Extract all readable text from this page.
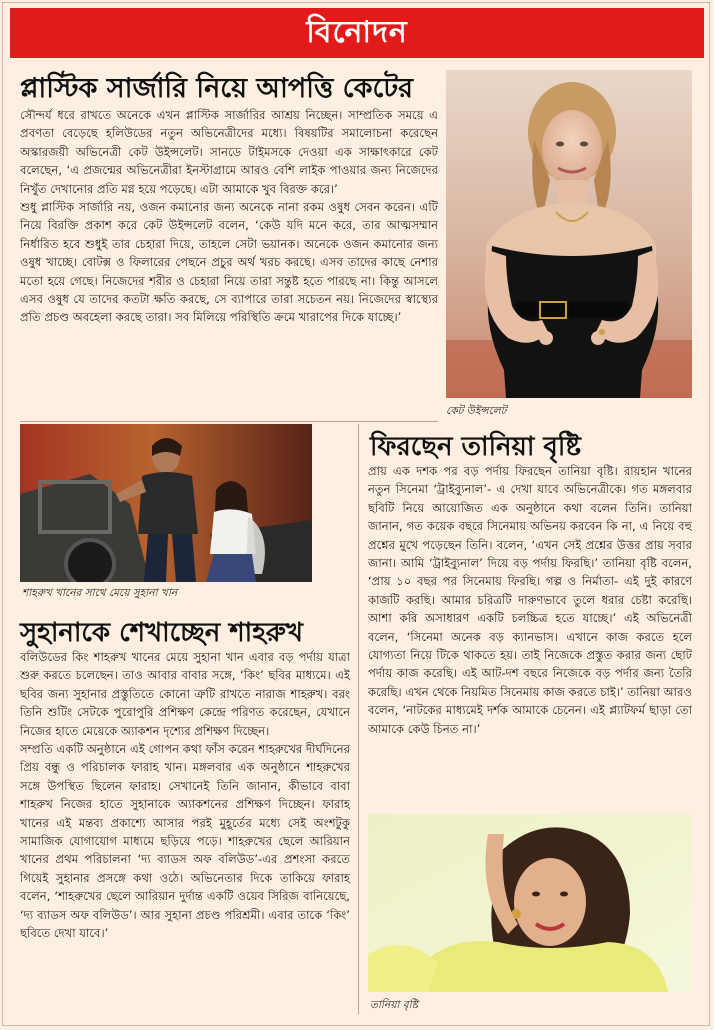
বিনোদন
প্লাস্টিক সার্জারি নিয়ে আপত্তি কেটের

সৌন্দর্য ধরে রাখতে অনেকে এখন প্লাস্টিক সার্জারির আশ্রয় নিচ্ছেন। সাম্প্রতিক সময়ে এ প্রবণতা বেড়েছে হলিউডের নতুন অভিনেত্রীদের মধ্যে। বিষয়টির সমালোচনা করেছেন অস্কারজয়ী অভিনেত্রী কেট উইন্সলেট। সানডে টাইমসকে দেওয়া এক সাক্ষাৎকারে কেট বলেছেন, ‘এ প্রজন্মের অভিনেত্রীরা ইনস্টাগ্রামে আরও বেশি লাইক পাওয়ার জন্য নিজেদের নিখুঁত দেখানোর প্রতি মগ্ন হয়ে পড়েছে। এটা আমাকে খুব বিরক্ত করে।’

শুধু প্লাস্টিক সার্জারি নয়, ওজন কমানোর জন্য অনেকে নানা রকম ওষুধ সেবন করেন। এটি নিয়ে বিরক্তি প্রকাশ করে কেট উইন্সলেট বলেন, ‘কেউ যদি মনে করে, তার আত্মসম্মান নির্ধারিত হবে শুধুই তার চেহারা দিয়ে, তাহলে সেটা ভয়ানক। অনেকে ওজন কমানোর জন্য ওষুধ খাচ্ছে। বোটক্স ও ফিলারের পেছনে প্রচুর অর্থ খরচ করছে। এসব তাদের কাছে নেশার মতো হয়ে গেছে। নিজেদের শরীর ও চেহারা নিয়ে তারা সন্তুষ্ট হতে পারছে না। কিন্তু আসলে এসব ওষুধ যে তাদের কতটা ক্ষতি করছে, সে ব্যাপারে তারা সচেতন নয়। নিজেদের স্বাস্থ্যের প্রতি প্রচণ্ড অবহেলা করছে তারা। সব মিলিয়ে পরিস্থিতি ক্রমে খারাপের দিকে যাচ্ছে।’

কেট উইন্সলেট
শাহরুখ খানের সাথে মেয়ে সুহানা খান
সুহানাকে শেখাচ্ছেন শাহরুখ

বলিউডের কিং শাহরুখ খানের মেয়ে সুহানা খান এবার বড় পর্দায় যাত্রা শুরু করতে চলেছেন। তাও আবার বাবার সঙ্গে, ‘কিং’ ছবির মাধ্যমে। এই ছবির জন্য সুহানার প্রস্তুতিতে কোনো ত্রুটি রাখতে নারাজ শাহরুখ। বরং তিনি শুটিং সেটকে পুরোপুরি প্রশিক্ষণ কেন্দ্রে পরিণত করেছেন, যেখানে নিজের হাতে মেয়েকে অ্যাকশন দৃশ্যের প্রশিক্ষণ দিচ্ছেন।

সম্প্রতি একটি অনুষ্ঠানে এই গোপন কথা ফাঁস করেন শাহরুখের দীর্ঘদিনের প্রিয় বন্ধু ও পরিচালক ফারাহ খান। মঙ্গলবার এক অনুষ্ঠানে শাহরুখের সঙ্গে উপস্থিত ছিলেন ফারাহ। সেখানেই তিনি জানান, কীভাবে বাবা শাহরুখ নিজের হাতে সুহানাকে অ্যাকশনের প্রশিক্ষণ দিচ্ছেন। ফারাহ খানের এই মন্তব্য প্রকাশ্যে আসার পরই মুহূর্তের মধ্যে সেই অংশটুকু সামাজিক যোগাযোগ মাধ্যমে ছড়িয়ে পড়ে। শাহরুখের ছেলে আরিয়ান খানের প্রথম পরিচালনা ‘দ্য ব্যাডস অফ বলিউড’-এর প্রশংসা করতে গিয়েই সুহানার প্রসঙ্গে কথা ওঠে। অভিনেতার দিকে তাকিয়ে ফারাহ বলেন, ‘শাহরুখের ছেলে আরিয়ান দুর্দান্ত একটি ওয়েব সিরিজ বানিয়েছে, ‘দ্য ব্যাডস অফ বলিউড’। আর সুহানা প্রচণ্ড পরিশ্রমী। এবার তাকে ‘কিং’ ছবিতে দেখা যাবে।’

ফিরছেন তানিয়া বৃষ্টি

প্রায় এক দশক পর বড় পর্দায় ফিরছেন তানিয়া বৃষ্টি। রায়হান খানের নতুন সিনেমা ‘ট্রাইব্যুনাল’- এ দেখা যাবে অভিনেত্রীকে। গত মঙ্গলবার ছবিটি নিয়ে আয়োজিত এক অনুষ্ঠানে কথা বলেন তিনি। তানিয়া জানান, গত কয়েক বছরে সিনেমায় অভিনয় করবেন কি না, এ নিয়ে বহু প্রশ্নের মুখে পড়েছেন তিনি। বলেন, ‘এখন সেই প্রশ্নের উত্তর প্রায় সবার জানা। আমি ‘ট্রাইব্যুনাল’ দিয়ে বড় পর্দায় ফিরছি।’ তানিয়া বৃষ্টি বলেন, ‘প্রায় ১০ বছর পর সিনেমায় ফিরছি। গল্প ও নির্মাতা- এই দুই কারণে কাজটি করছি। আমার চরিত্রটি দারুণভাবে তুলে ধরার চেষ্টা করেছি। আশা করি অসাধারণ একটি চলচ্চিত্র হতে যাচ্ছে।’ এই অভিনেত্রী বলেন, ‘সিনেমা অনেক বড় ক্যানভাস। এখানে কাজ করতে হলে যোগ্যতা নিয়ে টিকে থাকতে হয়। তাই নিজেকে প্রস্তুত করার জন্য ছোট পর্দায় কাজ করেছি। এই আট-দশ বছরে নিজেকে বড় পর্দার জন্য তৈরি করেছি। এখন থেকে নিয়মিত সিনেমায় কাজ করতে চাই।’ তানিয়া আরও বলেন, ‘নাটকের মাধ্যমেই দর্শক আমাকে চেনেন। এই প্ল্যাটফর্ম ছাড়া তো আমাকে কেউ চিনত না।’

তানিয়া বৃষ্টি
